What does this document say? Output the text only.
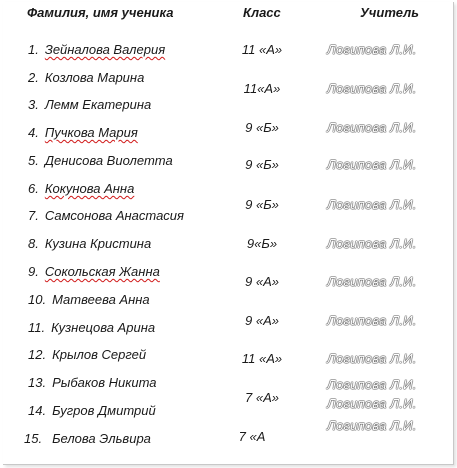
Фамилия, имя ученика	Класс	Учитель
1. Зейналова Валерия
2. Козлова Марина
3. Лемм Екатерина
4. Пучкова Мария
5. Денисова Виолетта
6. Кокунова Анна
7. Самсонова Анастасия
8. Кузина Кристина
9. Сокольская Жанна
10. Матвеева Анна
11. Кузнецова Арина
12. Крылов Сергей
13. Рыбаков Никита
14. Бугров Дмитрий
15. Белова Эльвира
11 «А»
11«А»
9 «Б»
9 «Б»
9 «Б»
9«Б»
9 «А»
9 «А»
11 «А»
7 «А»
7 «А
Логипова Л.И.
Логипова Л.И.
Логипова Л.И.
Логипова Л.И.
Логипова Л.И.
Логипова Л.И.
Логипова Л.И.
Логипова Л.И.
Логипова Л.И.
Логипова Л.И.
Логипова Л.И.
Логипова Л.И.
